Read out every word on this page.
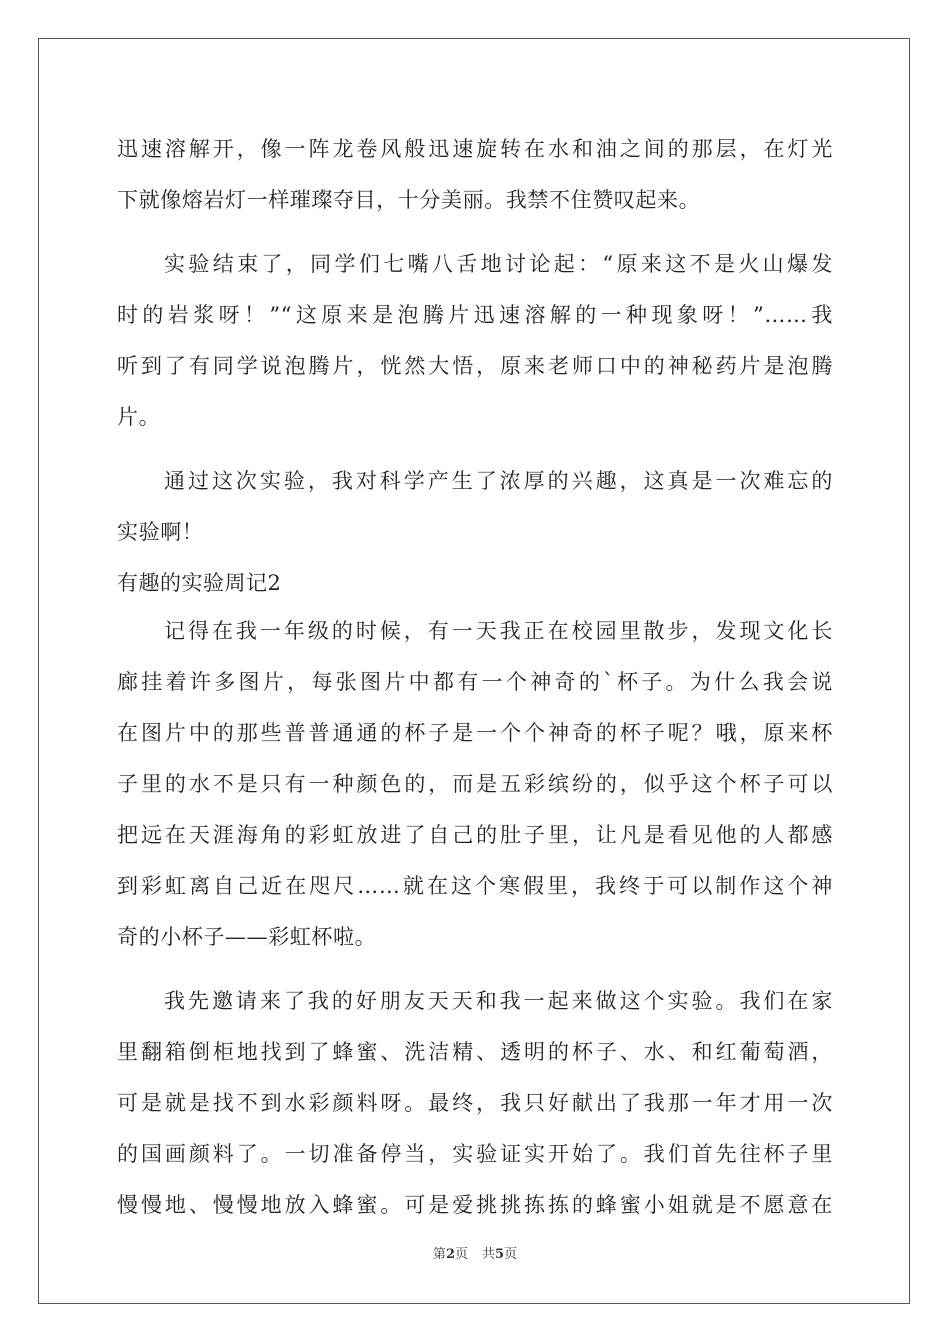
迅速溶解开，像一阵龙卷风般迅速旋转在水和油之间的那层，在灯光
下就像熔岩灯一样璀璨夺目，十分美丽。我禁不住赞叹起来。
实验结束了，同学们七嘴八舌地讨论起：“原来这不是火山爆发
时的岩浆呀！”“这原来是泡腾片迅速溶解的一种现象呀！”……我
听到了有同学说泡腾片，恍然大悟，原来老师口中的神秘药片是泡腾
片。
通过这次实验，我对科学产生了浓厚的兴趣，这真是一次难忘的
实验啊！
有趣的实验周记2
记得在我一年级的时候，有一天我正在校园里散步，发现文化长
廊挂着许多图片，每张图片中都有一个神奇的`杯子。为什么我会说
在图片中的那些普普通通的杯子是一个个神奇的杯子呢？哦，原来杯
子里的水不是只有一种颜色的，而是五彩缤纷的，似乎这个杯子可以
把远在天涯海角的彩虹放进了自己的肚子里，让凡是看见他的人都感
到彩虹离自己近在咫尺……就在这个寒假里，我终于可以制作这个神
奇的小杯子——彩虹杯啦。
我先邀请来了我的好朋友天天和我一起来做这个实验。我们在家
里翻箱倒柜地找到了蜂蜜、洗洁精、透明的杯子、水、和红葡萄酒，
可是就是找不到水彩颜料呀。最终，我只好献出了我那一年才用一次
的国画颜料了。一切准备停当，实验证实开始了。我们首先往杯子里
慢慢地、慢慢地放入蜂蜜。可是爱挑挑拣拣的蜂蜜小姐就是不愿意在
第2页 共5页
